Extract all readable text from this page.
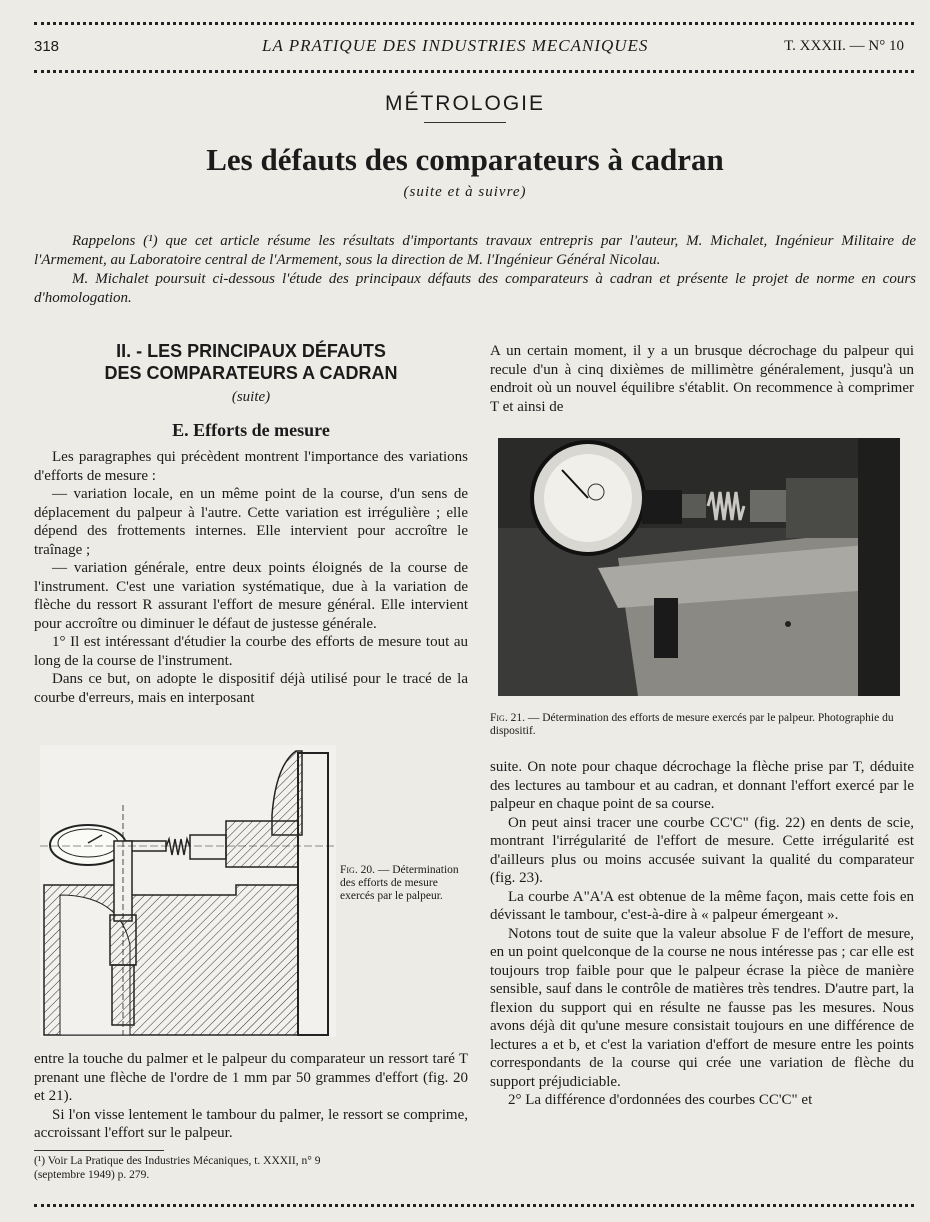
318	LA PRATIQUE DES INDUSTRIES MECANIQUES	T. XXXII. — N° 10
MÉTROLOGIE
Les défauts des comparateurs à cadran
(suite et à suivre)

Rappelons (¹) que cet article résume les résultats d'importants travaux entrepris par l'auteur, M. Michalet, Ingénieur Militaire de l'Armement, au Laboratoire central de l'Armement, sous la direction de M. l'Ingénieur Général Nicolau.

M. Michalet poursuit ci-dessous l'étude des principaux défauts des comparateurs à cadran et présente le projet de norme en cours d'homologation.

II. - LES PRINCIPAUX DÉFAUTS
DES COMPARATEURS A CADRAN
(suite)
E. Efforts de mesure

Les paragraphes qui précèdent montrent l'importance des variations d'efforts de mesure :

— variation locale, en un même point de la course, d'un sens de déplacement du palpeur à l'autre. Cette variation est irrégulière ; elle dépend des frottements internes. Elle intervient pour accroître le traînage ;

— variation générale, entre deux points éloignés de la course de l'instrument. C'est une variation systématique, due à la variation de flèche du ressort R assurant l'effort de mesure général. Elle intervient pour accroître ou diminuer le défaut de justesse générale.

1° Il est intéressant d'étudier la courbe des efforts de mesure tout au long de la course de l'instrument.

Dans ce but, on adopte le dispositif déjà utilisé pour le tracé de la courbe d'erreurs, mais en interposant

Fig. 20. — Détermination des efforts de mesure exercés par le palpeur.

entre la touche du palmer et le palpeur du comparateur un ressort taré T prenant une flèche de l'ordre de 1 mm par 50 grammes d'effort (fig. 20 et 21).

Si l'on visse lentement le tambour du palmer, le ressort se comprime, accroissant l'effort sur le palpeur.

(¹) Voir La Pratique des Industries Mécaniques, t. XXXII, n° 9
(septembre 1949) p. 279.

A un certain moment, il y a un brusque décrochage du palpeur qui recule d'un à cinq dixièmes de millimètre généralement, jusqu'à un endroit où un nouvel équilibre s'établit. On recommence à comprimer T et ainsi de

Fig. 21. — Détermination des efforts de mesure exercés par le palpeur. Photographie du dispositif.

suite. On note pour chaque décrochage la flèche prise par T, déduite des lectures au tambour et au cadran, et donnant l'effort exercé par le palpeur en chaque point de sa course.

On peut ainsi tracer une courbe CC'C" (fig. 22) en dents de scie, montrant l'irrégularité de l'effort de mesure. Cette irrégularité est d'ailleurs plus ou moins accusée suivant la qualité du comparateur (fig. 23).

La courbe A"A'A est obtenue de la même façon, mais cette fois en dévissant le tambour, c'est-à-dire à « palpeur émergeant ».

Notons tout de suite que la valeur absolue F de l'effort de mesure, en un point quelconque de la course ne nous intéresse pas ; car elle est toujours trop faible pour que le palpeur écrase la pièce de manière sensible, sauf dans le contrôle de matières très tendres. D'autre part, la flexion du support qui en résulte ne fausse pas les mesures. Nous avons déjà dit qu'une mesure consistait toujours en une différence de lectures a et b, et c'est la variation d'effort de mesure entre les points correspondants de la course qui crée une variation de flèche du support préjudiciable.

2° La différence d'ordonnées des courbes CC'C" et
